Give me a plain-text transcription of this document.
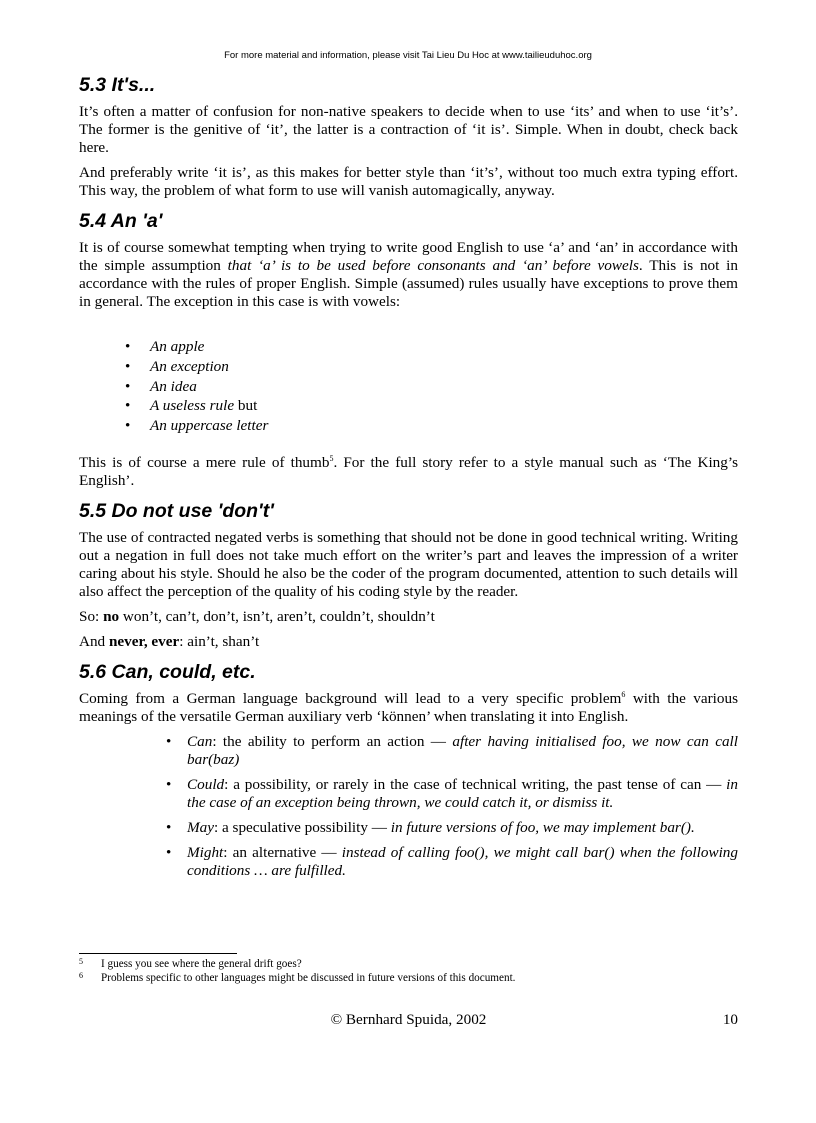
For more material and information, please visit Tai Lieu Du Hoc at www.tailieuduhoc.org
5.3 It's...

It’s often a matter of confusion for non-native speakers to decide when to use ‘its’ and when to use ‘it’s’. The former is the genitive of ‘it’, the latter is a contraction of ‘it is’. Simple. When in doubt, check back here.

And preferably write ‘it is’, as this makes for better style than ‘it’s’, without too much extra typing effort. This way, the problem of what form to use will vanish automagically, anyway.

5.4 An 'a'

It is of course somewhat tempting when trying to write good English to use ‘a’ and ‘an’ in accordance with the simple assumption that ‘a’ is to be used before consonants and ‘an’ before vowels. This is not in accordance with the rules of proper English. Simple (assumed) rules usually have exceptions to prove them in general. The exception in this case is with vowels:

• An apple
• An exception
• An idea
• A useless rule but
• An uppercase letter

This is of course a mere rule of thumb$^5$. For the full story refer to a style manual such as ‘The King’s English’.

5.5 Do not use 'don't'

The use of contracted negated verbs is something that should not be done in good technical writing. Writing out a negation in full does not take much effort on the writer’s part and leaves the impression of a writer caring about his style. Should he also be the coder of the program documented, attention to such details will also affect the perception of the quality of his coding style by the reader.

So: no won’t, can’t, don’t, isn’t, aren’t, couldn’t, shouldn’t

And never, ever: ain’t, shan’t

5.6 Can, could, etc.

Coming from a German language background will lead to a very specific problem$^6$ with the various meanings of the versatile German auxiliary verb ‘können’ when translating it into English.

• Can: the ability to perform an action — after having initialised foo, we now can call bar(baz)
• Could: a possibility, or rarely in the case of technical writing, the past tense of can — in the case of an exception being thrown, we could catch it, or dismiss it.
• May: a speculative possibility — in future versions of foo, we may implement bar().
• Might: an alternative — instead of calling foo(), we might call bar() when the following conditions … are fulfilled.
5 I guess you see where the general drift goes?
6 Problems specific to other languages might be discussed in future versions of this document.
© Bernhard Spuida, 2002	10
